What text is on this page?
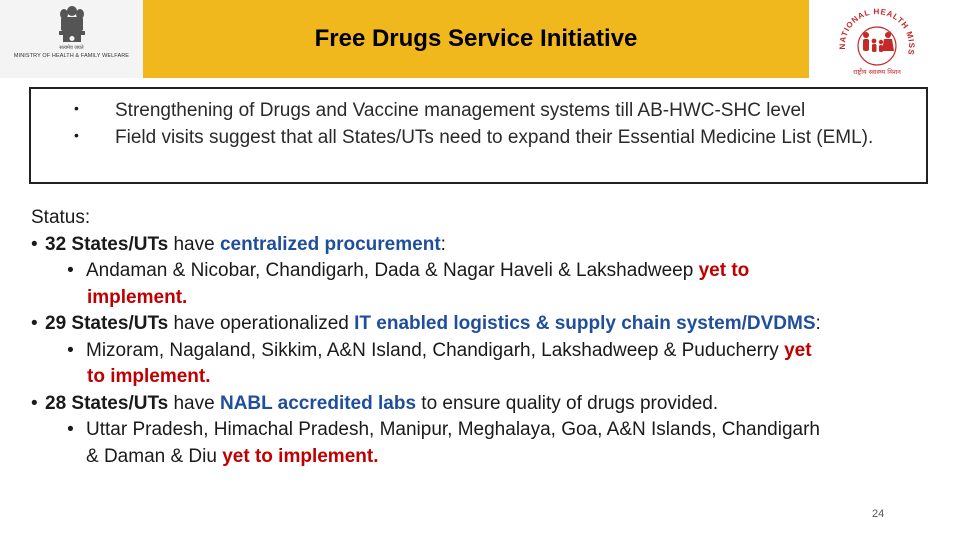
सत्यमेव जयते
MINISTRY OF HEALTH & FAMILY WELFARE
Free Drugs Service Initiative	NATIONAL HEALTH MISS
राष्ट्रीय स्वास्थ्य मिशन
• Strengthening of Drugs and Vaccine management systems till AB-HWC-SHC level
• Field visits suggest that all States/UTs need to expand their Essential Medicine List (EML).
Status:
• 32 States/UTs have centralized procurement:
• Andaman & Nicobar, Chandigarh, Dada & Nagar Haveli & Lakshadweep yet to
implement.
• 29 States/UTs have operationalized IT enabled logistics & supply chain system/DVDMS:
• Mizoram, Nagaland, Sikkim, A&N Island, Chandigarh, Lakshadweep & Puducherry yet
to implement.
• 28 States/UTs have NABL accredited labs to ensure quality of drugs provided.
• Uttar Pradesh, Himachal Pradesh, Manipur, Meghalaya, Goa, A&N Islands, Chandigarh
& Daman & Diu yet to implement.
24
